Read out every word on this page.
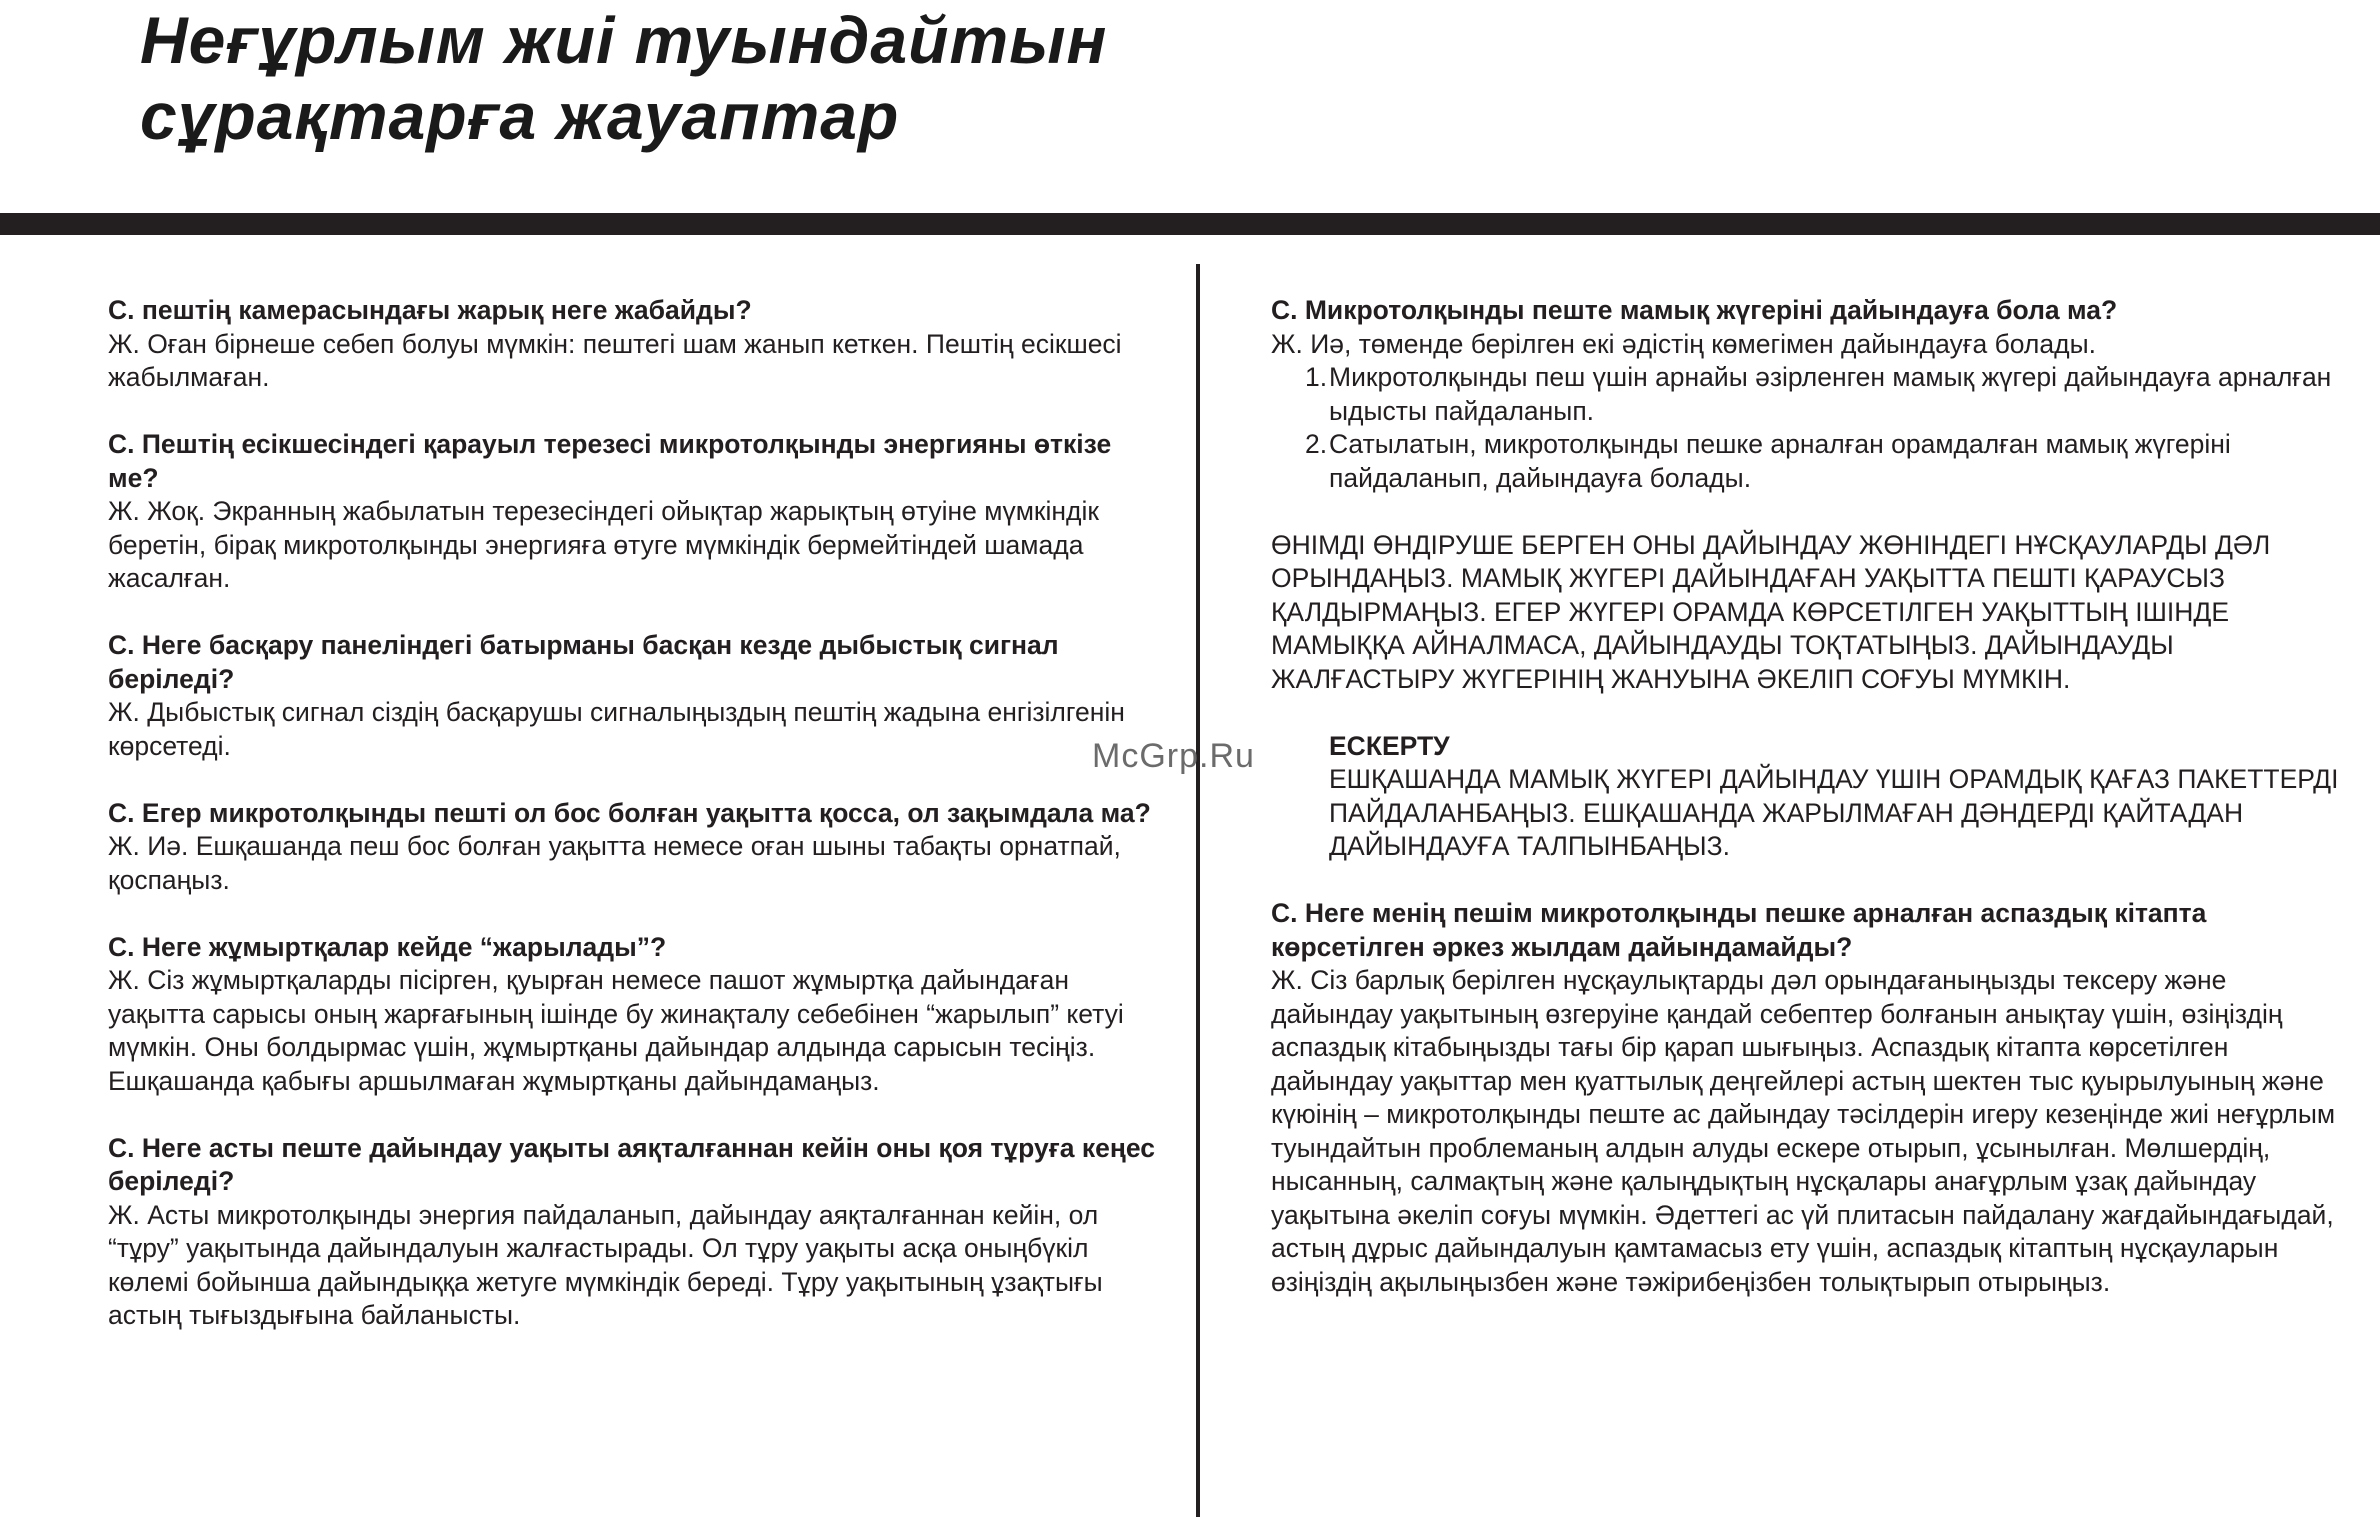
Неғұрлым жиі туындайтын
сұрақтарға жауаптар
McGrp.Ru

С. пештің камерасындағы жарық неге жабайды?

Ж. Оған бірнеше себеп болуы мүмкін: пештегі шам жанып кеткен. Пештің есікшесі жабылмаған.

С. Пештің есікшесіндегі қарауыл терезесі микротолқынды энергияны өткізе ме?

Ж. Жоқ. Экранның жабылатын терезесіндегі ойықтар жарықтың өтуіне мүмкіндік беретін, бірақ микротолқынды энергияға өтуге мүмкіндік бермейтіндей шамада жасалған.

С. Неге басқару панеліндегі батырманы басқан кезде дыбыстық сигнал беріледі?

Ж. Дыбыстық сигнал сіздің басқарушы сигналыңыздың пештің жадына енгізілгенін көрсетеді.

С. Егер микротолқынды пешті ол бос болған уақытта қосса, ол зақымдала ма?

Ж. Иә. Ешқашанда пеш бос болған уақытта немесе оған шыны табақты орнатпай, қоспаңыз.

С. Неге жұмыртқалар кейде “жарылады”?

Ж. Сіз жұмыртқаларды пісірген, қуырған немесе пашот жұмыртқа дайындаған уақытта сарысы оның жарғағының ішінде бу жинақталу себебінен “жарылып” кетуі мүмкін. Оны болдырмас үшін, жұмыртқаны дайындар алдында сарысын тесіңіз. Ешқашанда қабығы аршылмаған жұмыртқаны дайындамаңыз.

С. Неге асты пеште дайындау уақыты аяқталғаннан кейін оны қоя тұруға кеңес беріледі?

Ж. Асты микротолқынды энергия пайдаланып, дайындау аяқталғаннан кейін, ол “тұру” уақытында дайындалуын жалғастырады. Ол тұру уақыты асқа оныңбүкіл көлемі бойынша дайындыққа жетуге мүмкіндік береді. Тұру уақытының ұзақтығы астың тығыздығына байланысты.

С. Микротолқынды пеште мамық жүгеріні дайындауға бола ма?

Ж. Иә, төменде берілген екі әдістің көмегімен дайындауға болады.

1. Микротолқынды пеш үшін арнайы әзірленген мамық жүгері дайындауға арналған ыдысты пайдаланып.
2. Сатылатын, микротолқынды пешке арналған орамдалған мамық жүгеріні пайдаланып, дайындауға болады.

ӨНІМДІ ӨНДІРУШЕ БЕРГЕН ОНЫ ДАЙЫНДАУ ЖӨНІНДЕГІ НҰСҚАУЛАРДЫ ДӘЛ ОРЫНДАҢЫЗ. МАМЫҚ ЖҮГЕРІ ДАЙЫНДАҒАН УАҚЫТТА ПЕШТІ ҚАРАУСЫЗ ҚАЛДЫРМАҢЫЗ. ЕГЕР ЖҮГЕРІ ОРАМДА КӨРСЕТІЛГЕН УАҚЫТТЫҢ ІШІНДЕ МАМЫҚҚА АЙНАЛМАСА, ДАЙЫНДАУДЫ ТОҚТАТЫҢЫЗ. ДАЙЫНДАУДЫ ЖАЛҒАСТЫРУ ЖҮГЕРІНІҢ ЖАНУЫНА ӘКЕЛІП СОҒУЫ МҮМКІН.

ЕСКЕРТУ

ЕШҚАШАНДА МАМЫҚ ЖҮГЕРІ ДАЙЫНДАУ ҮШІН ОРАМДЫҚ ҚАҒАЗ ПАКЕТТЕРДІ ПАЙДАЛАНБАҢЫЗ. ЕШҚАШАНДА ЖАРЫЛМАҒАН ДӘНДЕРДІ ҚАЙТАДАН ДАЙЫНДАУҒА ТАЛПЫНБАҢЫЗ.

С. Неге менің пешім микротолқынды пешке арналған аспаздық кітапта көрсетілген әркез жылдам дайындамайды?

Ж. Сіз барлық берілген нұсқаулықтарды дәл орындағаныңызды тексеру және дайындау уақытының өзгеруіне қандай себептер болғанын анықтау үшін, өзіңіздің аспаздық кітабыңызды тағы бір қарап шығыңыз. Аспаздық кітапта көрсетілген дайындау уақыттар мен қуаттылық деңгейлері астың шектен тыс қуырылуының және күюінің – микротолқынды пеште ас дайындау тәсілдерін игеру кезеңінде жиі неғұрлым туындайтын проблеманың алдын алуды ескере отырып, ұсынылған. Мөлшердің, нысанның, салмақтың және қалыңдықтың нұсқалары анағұрлым ұзақ дайындау уақытына әкеліп соғуы мүмкін. Әдеттегі ас үй плитасын пайдалану жағдайындағыдай, астың дұрыс дайындалуын қамтамасыз ету үшін, аспаздық кітаптың нұсқауларын өзіңіздің ақылыңызбен және тәжірибеңізбен толықтырып отырыңыз.
